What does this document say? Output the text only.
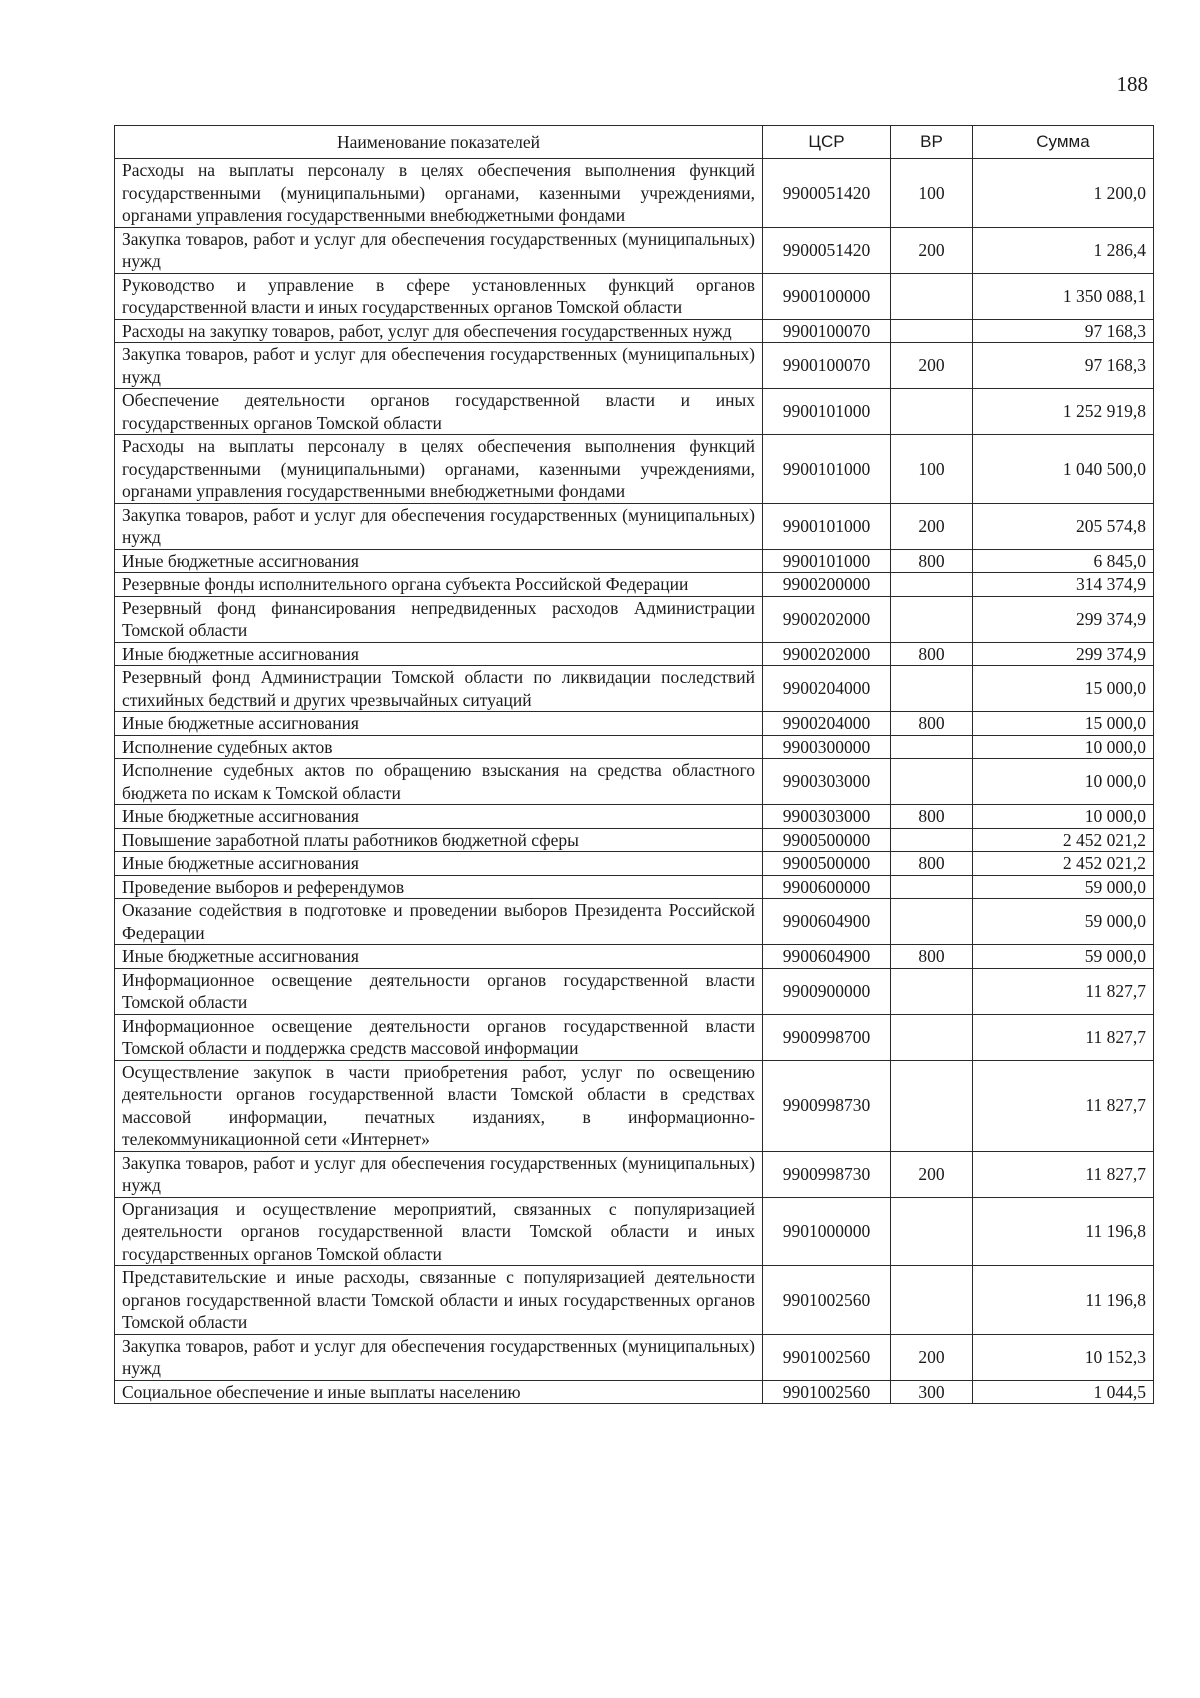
188
Наименование показателей	ЦСР	ВР	Сумма
Расходы на выплаты персоналу в целях обеспечения выполнения функций государственными (муниципальными) органами, казенными учреждениями, органами управления государственными внебюджетными фондами	9900051420	100	1 200,0
Закупка товаров, работ и услуг для обеспечения государственных (муниципальных) нужд	9900051420	200	1 286,4
Руководство и управление в сфере установленных функций органов государственной власти и иных государственных органов Томской области	9900100000		1 350 088,1
Расходы на закупку товаров, работ, услуг для обеспечения государственных нужд	9900100070		97 168,3
Закупка товаров, работ и услуг для обеспечения государственных (муниципальных) нужд	9900100070	200	97 168,3
Обеспечение деятельности органов государственной власти и иных государственных органов Томской области	9900101000		1 252 919,8
Расходы на выплаты персоналу в целях обеспечения выполнения функций государственными (муниципальными) органами, казенными учреждениями, органами управления государственными внебюджетными фондами	9900101000	100	1 040 500,0
Закупка товаров, работ и услуг для обеспечения государственных (муниципальных) нужд	9900101000	200	205 574,8
Иные бюджетные ассигнования	9900101000	800	6 845,0
Резервные фонды исполнительного органа субъекта Российской Федерации	9900200000		314 374,9
Резервный фонд финансирования непредвиденных расходов Администрации Томской области	9900202000		299 374,9
Иные бюджетные ассигнования	9900202000	800	299 374,9
Резервный фонд Администрации Томской области по ликвидации последствий стихийных бедствий и других чрезвычайных ситуаций	9900204000		15 000,0
Иные бюджетные ассигнования	9900204000	800	15 000,0
Исполнение судебных актов	9900300000		10 000,0
Исполнение судебных актов по обращению взыскания на средства областного бюджета по искам к Томской области	9900303000		10 000,0
Иные бюджетные ассигнования	9900303000	800	10 000,0
Повышение заработной платы работников бюджетной сферы	9900500000		2 452 021,2
Иные бюджетные ассигнования	9900500000	800	2 452 021,2
Проведение выборов и референдумов	9900600000		59 000,0
Оказание содействия в подготовке и проведении выборов Президента Российской Федерации	9900604900		59 000,0
Иные бюджетные ассигнования	9900604900	800	59 000,0
Информационное освещение деятельности органов государственной власти Томской области	9900900000		11 827,7
Информационное освещение деятельности органов государственной власти Томской области и поддержка средств массовой информации	9900998700		11 827,7
Осуществление закупок в части приобретения работ, услуг по освещению деятельности органов государственной власти Томской области в средствах массовой информации, печатных изданиях, в информационно-телекоммуникационной сети «Интернет»	9900998730		11 827,7
Закупка товаров, работ и услуг для обеспечения государственных (муниципальных) нужд	9900998730	200	11 827,7
Организация и осуществление мероприятий, связанных с популяризацией деятельности органов государственной власти Томской области и иных государственных органов Томской области	9901000000		11 196,8
Представительские и иные расходы, связанные с популяризацией деятельности органов государственной власти Томской области и иных государственных органов Томской области	9901002560		11 196,8
Закупка товаров, работ и услуг для обеспечения государственных (муниципальных) нужд	9901002560	200	10 152,3
Социальное обеспечение и иные выплаты населению	9901002560	300	1 044,5
